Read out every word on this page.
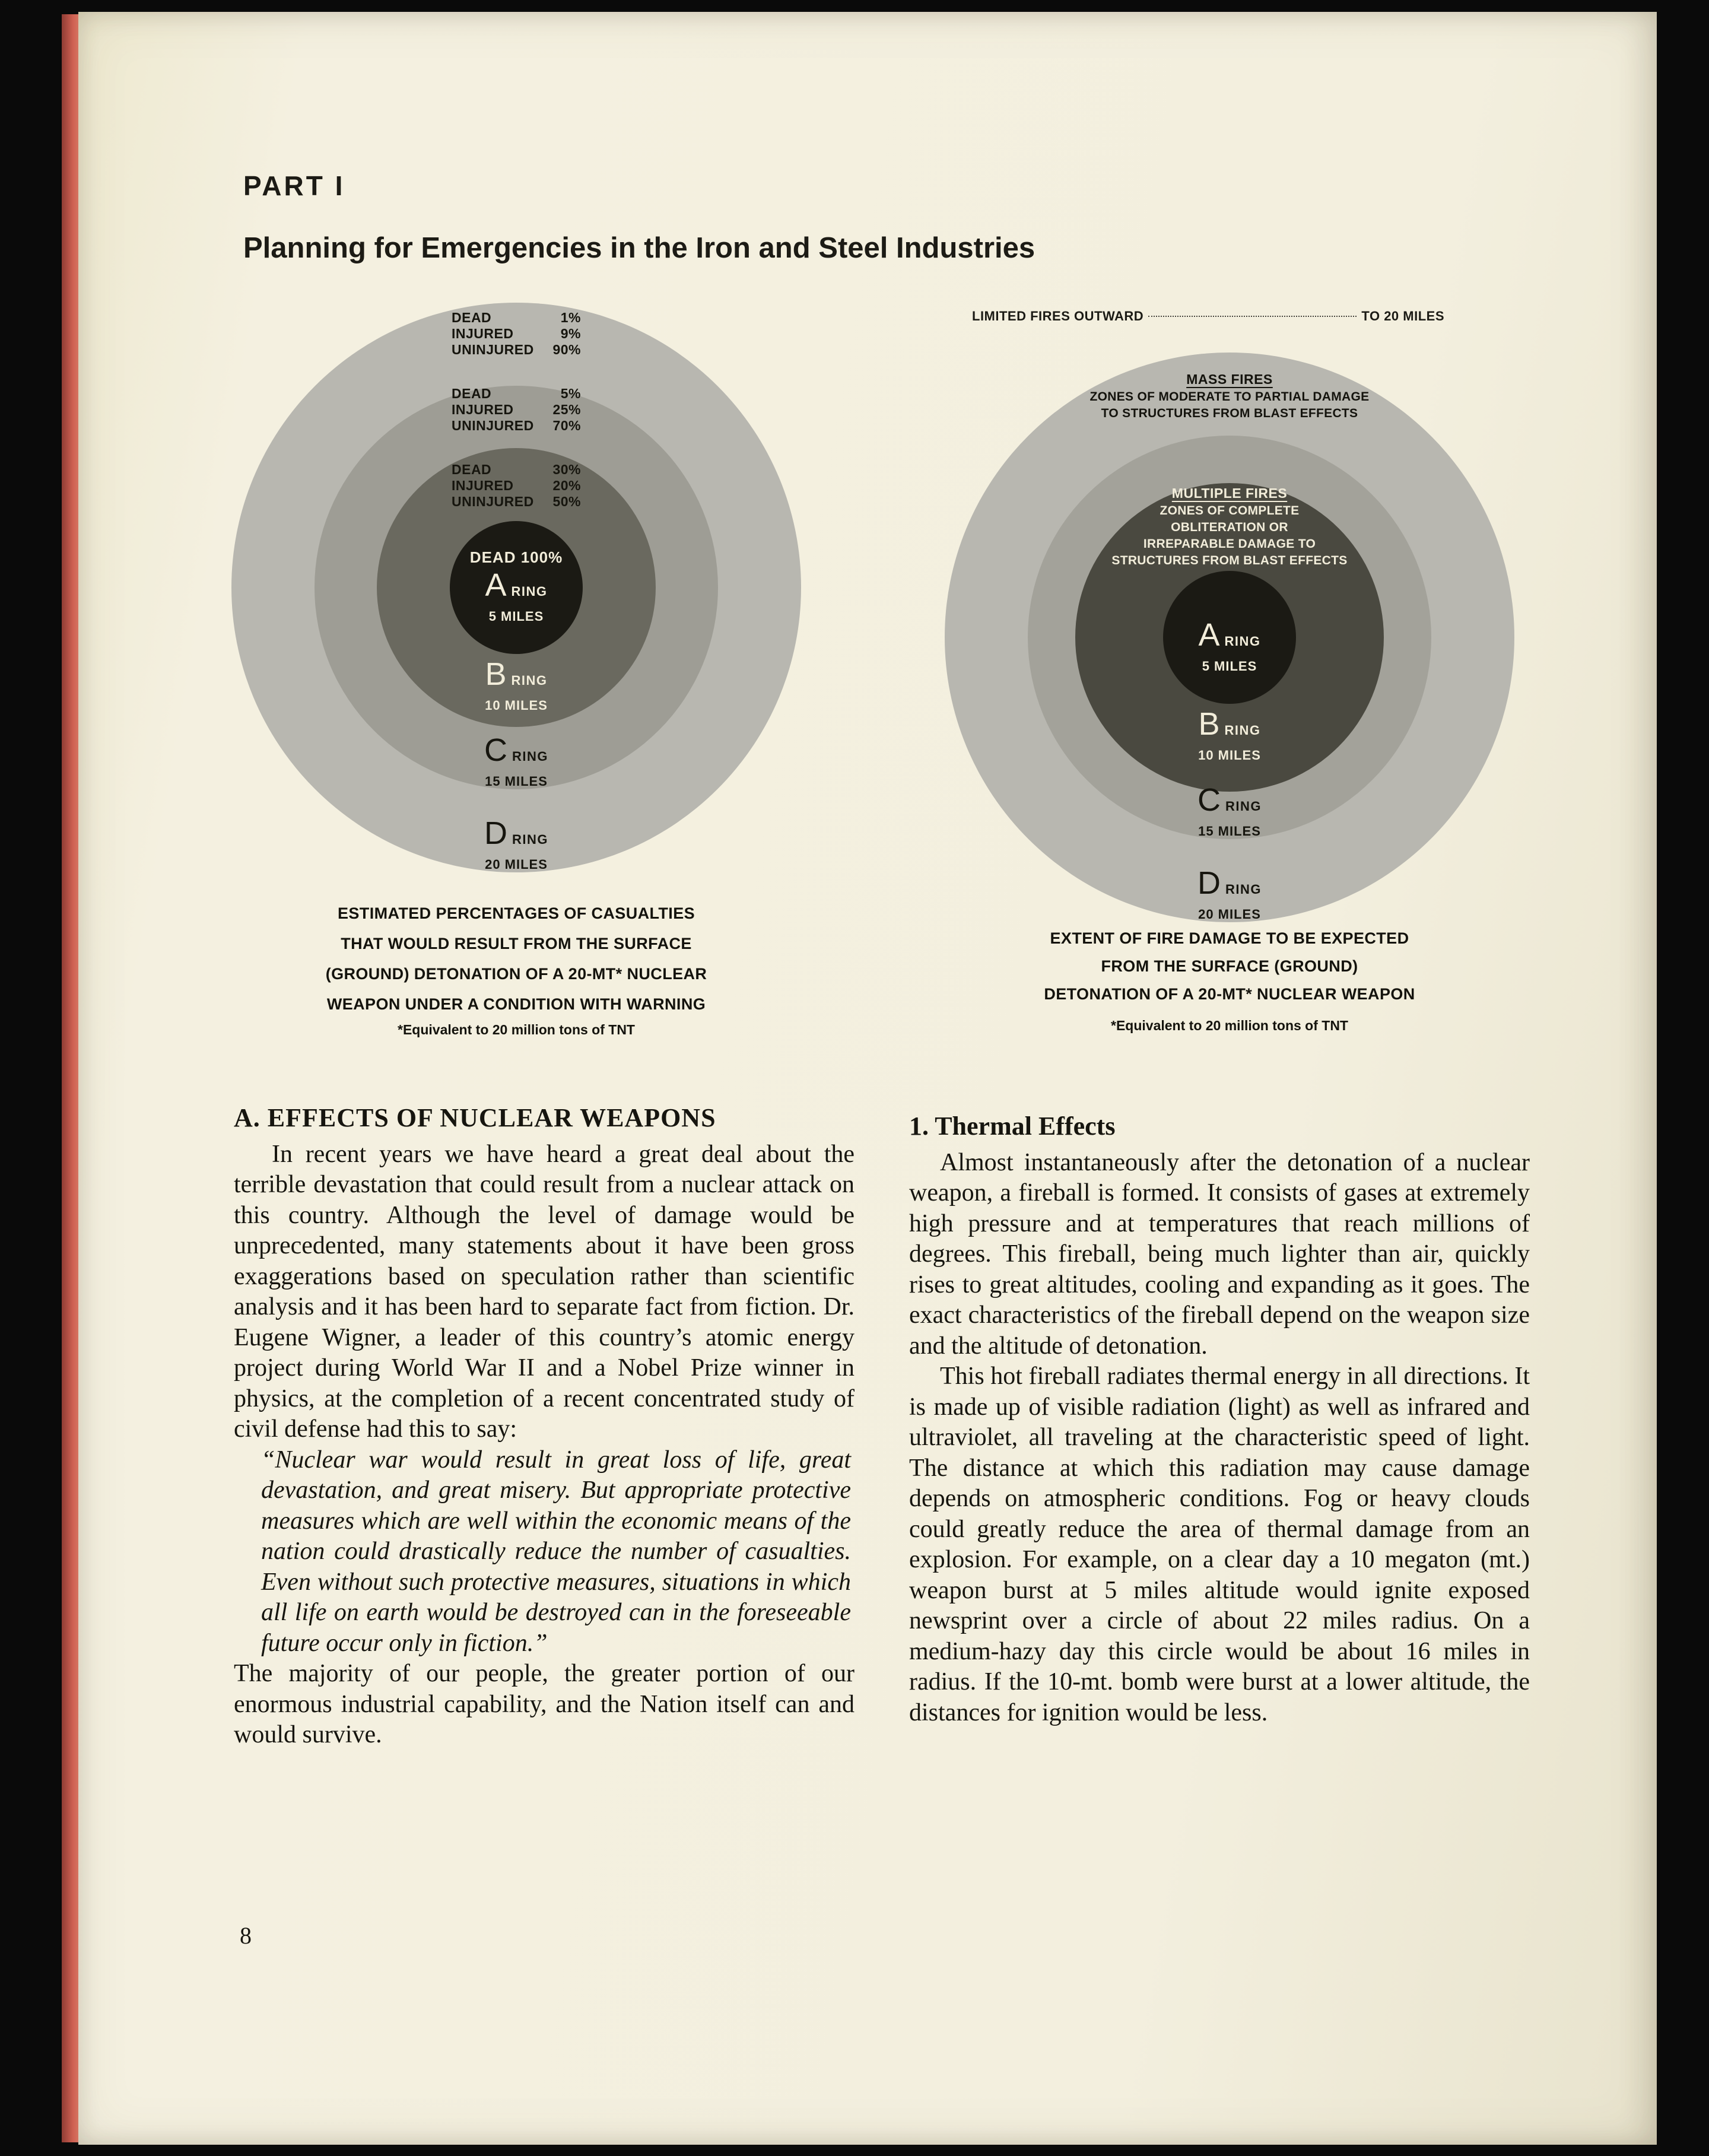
PART I
Planning for Emergencies in the Iron and Steel Industries
DEAD	1%
INJURED	9%
UNINJURED 90%
DEAD	5%
INJURED	25%
UNINJURED 70%
DEAD	30%
INJURED	20%
UNINJURED 50%
DEAD 100%
ARING
5 MILES
BRING
10 MILES
CRING
15 MILES
DRING
20 MILES
LIMITED FIRES OUTWARD	TO 20 MILES
MASS FIRES
ZONES OF MODERATE TO PARTIAL DAMAGE
TO STRUCTURES FROM BLAST EFFECTS
MULTIPLE FIRES
ZONES OF COMPLETE
OBLITERATION OR
IRREPARABLE DAMAGE TO
STRUCTURES FROM BLAST EFFECTS
ARING
5 MILES
BRING
10 MILES
CRING
15 MILES
DRING
20 MILES
ESTIMATED PERCENTAGES OF CASUALTIES
THAT WOULD RESULT FROM THE SURFACE
(GROUND) DETONATION OF A 20-MT* NUCLEAR
WEAPON UNDER A CONDITION WITH WARNING
*Equivalent to 20 million tons of TNT
EXTENT OF FIRE DAMAGE TO BE EXPECTED
FROM THE SURFACE (GROUND)
DETONATION OF A 20-MT* NUCLEAR WEAPON
*Equivalent to 20 million tons of TNT
A. EFFECTS OF NUCLEAR WEAPONS

In recent years we have heard a great deal about the terrible devastation that could result from a nuclear attack on this country. Although the level of damage would be unprecedented, many statements about it have been gross exaggerations based on speculation rather than scientific analysis and it has been hard to separate fact from fiction. Dr. Eugene Wigner, a leader of this country’s atomic energy project during World War II and a Nobel Prize winner in physics, at the completion of a recent concentrated study of civil defense had this to say:

“Nuclear war would result in great loss of life, great devastation, and great misery. But appropriate protective measures which are well within the economic means of the nation could drastically reduce the number of casualties. Even without such protective measures, situations in which all life on earth would be destroyed can in the foreseeable future occur only in fiction.”

The majority of our people, the greater portion of our enormous industrial capability, and the Nation itself can and would survive.

1. Thermal Effects

Almost instantaneously after the detonation of a nuclear weapon, a fireball is formed. It consists of gases at extremely high pressure and at temperatures that reach millions of degrees. This fireball, being much lighter than air, quickly rises to great altitudes, cooling and expanding as it goes. The exact characteristics of the fireball depend on the weapon size and the altitude of detonation.

This hot fireball radiates thermal energy in all directions. It is made up of visible radiation (light) as well as infrared and ultraviolet, all traveling at the characteristic speed of light. The distance at which this radiation may cause damage depends on atmospheric conditions. Fog or heavy clouds could greatly reduce the area of thermal damage from an explosion. For example, on a clear day a 10 megaton (mt.) weapon burst at 5 miles altitude would ignite exposed newsprint over a circle of about 22 miles radius. On a medium-hazy day this circle would be about 16 miles in radius. If the 10-mt. bomb were burst at a lower altitude, the distances for ignition would be less.

8
